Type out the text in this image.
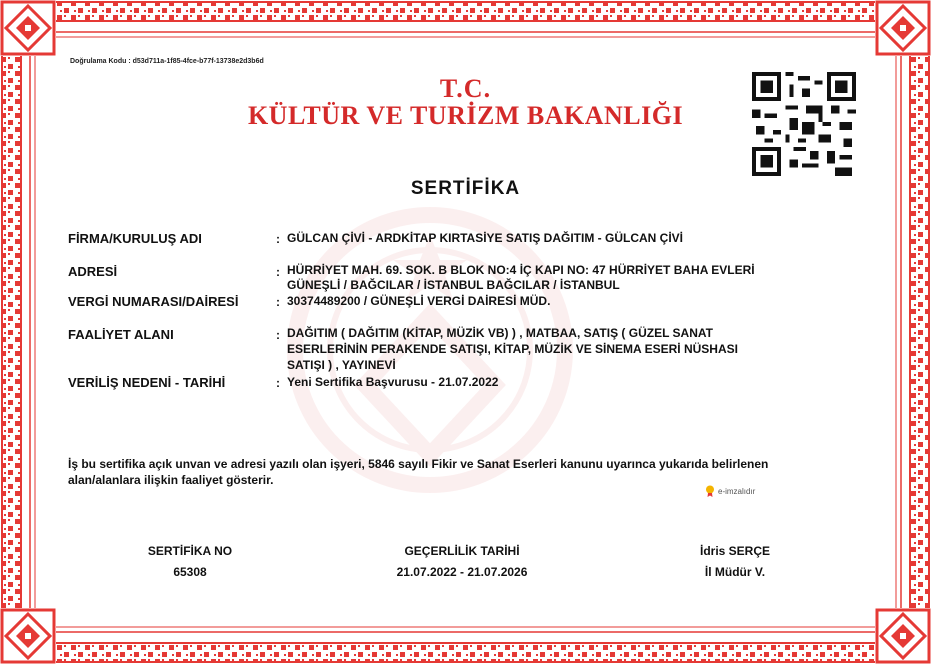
Doğrulama Kodu : d53d711a-1f85-4fce-b77f-13738e2d3b6d
T.C.
KÜLTÜR VE TURİZM BAKANLIĞI
SERTİFİKA
FİRMA/KURULUŞ ADI	: GÜLCAN ÇİVİ - ARDKİTAP KIRTASİYE SATIŞ DAĞITIM - GÜLCAN ÇİVİ
ADRESİ	: HÜRRİYET MAH. 69. SOK. B BLOK NO:4 İÇ KAPI NO: 47 HÜRRİYET BAHA EVLERİ
GÜNEŞLİ / BAĞCILAR / İSTANBUL BAĞCILAR / İSTANBUL
VERGİ NUMARASI/DAİRESİ	: 30374489200 / GÜNEŞLİ VERGİ DAİRESİ MÜD.
FAALİYET ALANI	: DAĞITIM ( DAĞITIM (KİTAP, MÜZİK VB) ) , MATBAA, SATIŞ ( GÜZEL SANAT
ESERLERİNİN PERAKENDE SATIŞI, KİTAP, MÜZİK VE SİNEMA ESERİ NÜSHASI
SATIŞI ) , YAYINEVİ
VERİLİŞ NEDENİ - TARİHİ	: Yeni Sertifika Başvurusu - 21.07.2022
İş bu sertifika açık unvan ve adresi yazılı olan işyeri, 5846 sayılı Fikir ve Sanat Eserleri kanunu uyarınca yukarıda belirlenen
alan/alanlara ilişkin faaliyet gösterir.
e-imzalıdır
SERTİFİKA NO
65308
GEÇERLİLİK TARİHİ
21.07.2022 - 21.07.2026
İdris SERÇE
İl Müdür V.
